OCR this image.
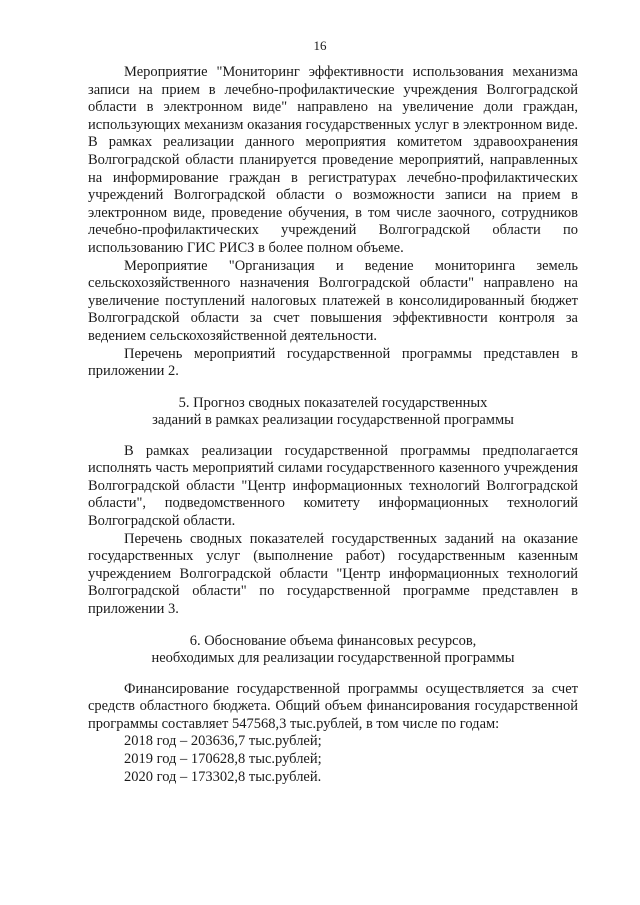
16

Мероприятие "Мониторинг эффективности использования механизма записи на прием в лечебно-профилактические учреждения Волгоградской области в электронном виде" направлено на увеличение доли граждан, использующих механизм оказания государственных услуг в электронном виде. В рамках реализации данного мероприятия комитетом здравоохранения Волгоградской области планируется проведение мероприятий, направленных на информирование граждан в регистратурах лечебно-профилактических учреждений Волгоградской области о возможности записи на прием в электронном виде, проведение обучения, в том числе заочного, сотрудников лечебно-профилактических учреждений Волгоградской области по использованию ГИС РИСЗ в более полном объеме.

Мероприятие "Организация и ведение мониторинга земель сельскохозяйственного назначения Волгоградской области" направлено на увеличение поступлений налоговых платежей в консолидированный бюджет Волгоградской области за счет повышения эффективности контроля за ведением сельскохозяйственной деятельности.

Перечень мероприятий государственной программы представлен в приложении 2.

5. Прогноз сводных показателей государственных
заданий в рамках реализации государственной программы

В рамках реализации государственной программы предполагается исполнять часть мероприятий силами государственного казенного учреждения Волгоградской области "Центр информационных технологий Волгоградской области", подведомственного комитету информационных технологий Волгоградской области.

Перечень сводных показателей государственных заданий на оказание государственных услуг (выполнение работ) государственным казенным учреждением Волгоградской области "Центр информационных технологий Волгоградской области" по государственной программе представлен в приложении 3.

6. Обоснование объема финансовых ресурсов,
необходимых для реализации государственной программы

Финансирование государственной программы осуществляется за счет средств областного бюджета. Общий объем финансирования государственной программы составляет 547568,3 тыс.рублей, в том числе по годам:

2018 год – 203636,7 тыс.рублей;
2019 год – 170628,8 тыс.рублей;
2020 год – 173302,8 тыс.рублей.
